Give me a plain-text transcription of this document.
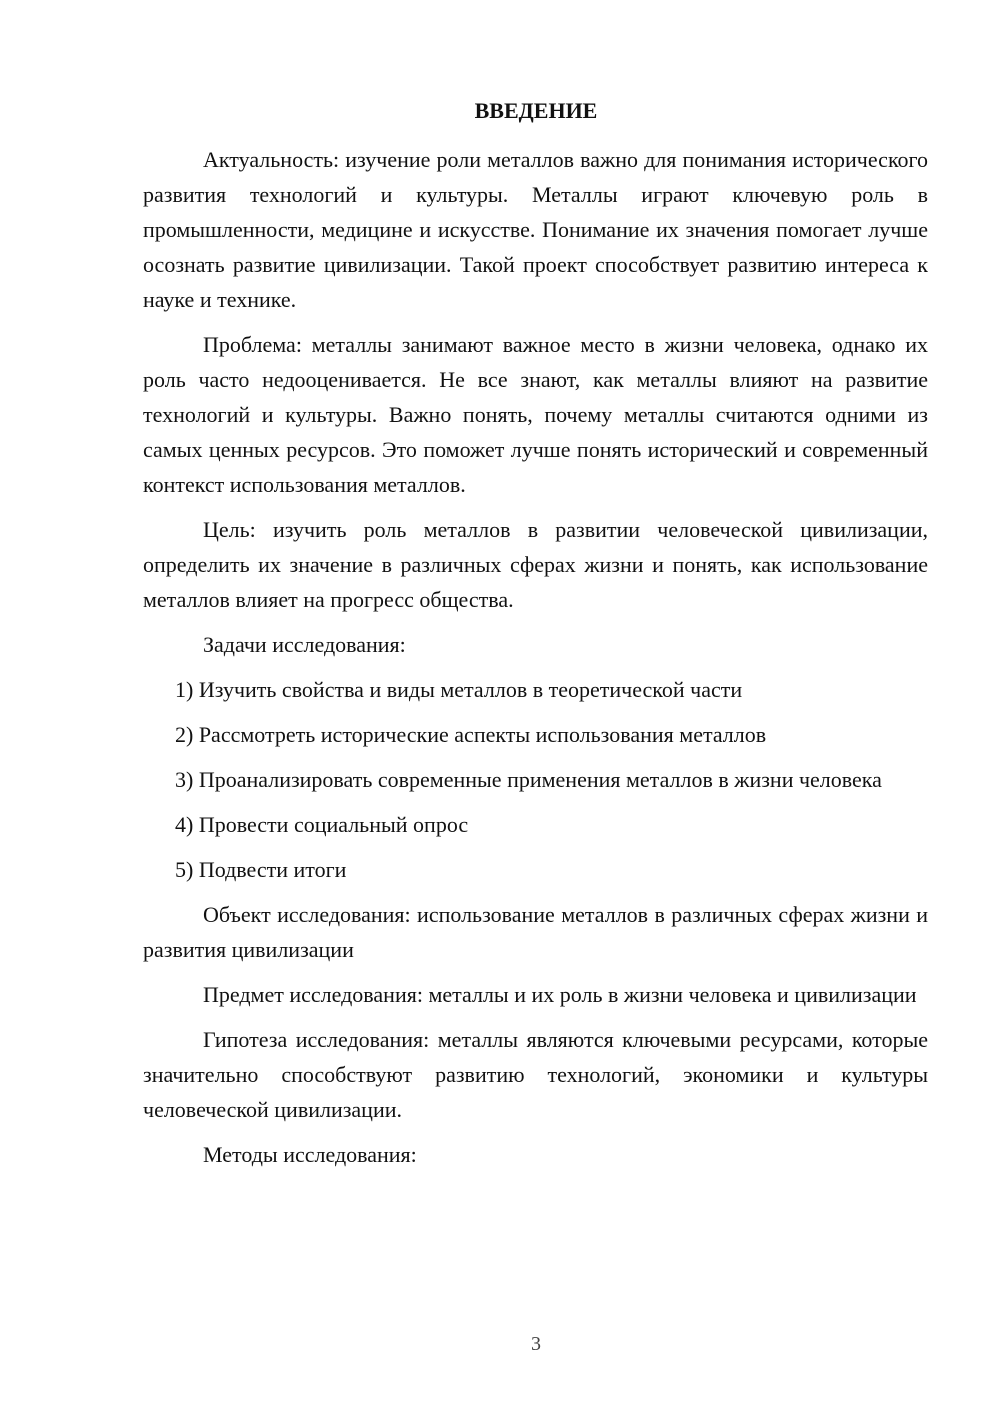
ВВЕДЕНИЕ

Актуальность: изучение роли металлов важно для понимания исторического развития технологий и культуры. Металлы играют ключевую роль в промышленности, медицине и искусстве. Понимание их значения помогает лучше осознать развитие цивилизации. Такой проект способствует развитию интереса к науке и технике.

Проблема: металлы занимают важное место в жизни человека, однако их роль часто недооценивается. Не все знают, как металлы влияют на развитие технологий и культуры. Важно понять, почему металлы считаются одними из самых ценных ресурсов. Это поможет лучше понять исторический и современный контекст использования металлов.

Цель: изучить роль металлов в развитии человеческой цивилизации, определить их значение в различных сферах жизни и понять, как использование металлов влияет на прогресс общества.

Задачи исследования:

1) Изучить свойства и виды металлов в теоретической части

2) Рассмотреть исторические аспекты использования металлов

3) Проанализировать современные применения металлов в жизни человека

4) Провести социальный опрос

5) Подвести итоги

Объект исследования: использование металлов в различных сферах жизни и развития цивилизации

Предмет исследования: металлы и их роль в жизни человека и цивилизации

Гипотеза исследования: металлы являются ключевыми ресурсами, которые значительно способствуют развитию технологий, экономики и культуры человеческой цивилизации.

Методы исследования:

3
